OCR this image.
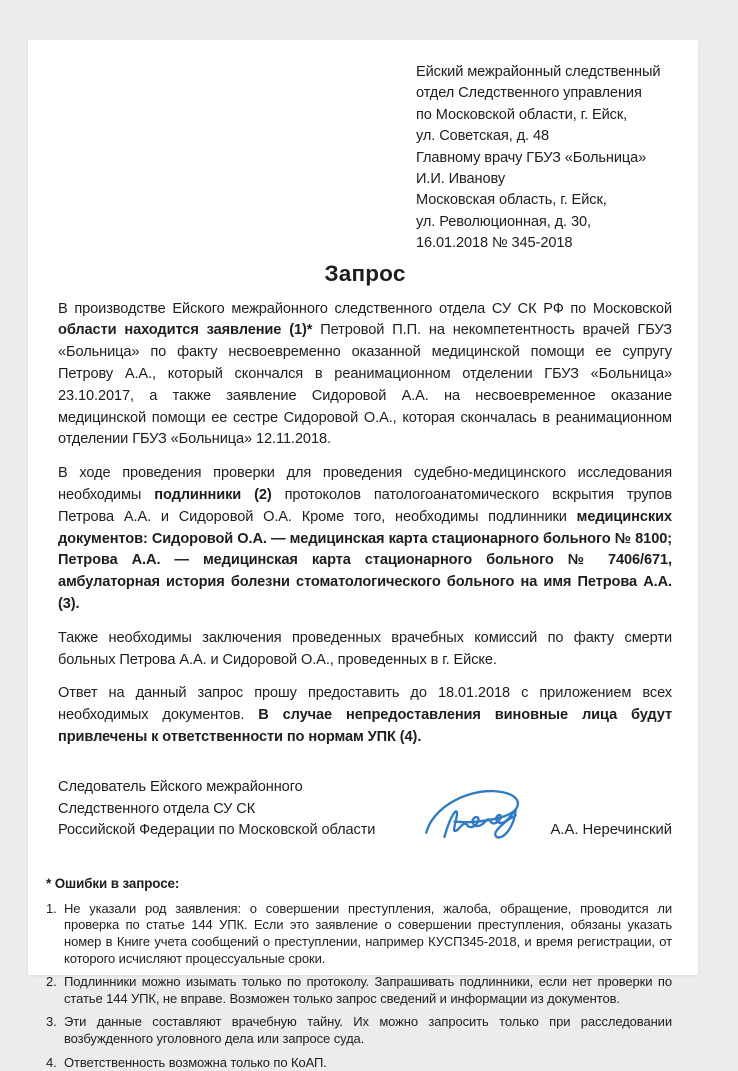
Ейский межрайонный следственный
отдел Следственного управления
по Московской области, г. Ейск,
ул. Советская, д. 48
Главному врачу ГБУЗ «Больница»
И.И. Иванову
Московская область, г. Ейск,
ул. Революционная, д. 30,
16.01.2018 № 345-2018
Запрос

В производстве Ейского межрайонного следственного отдела СУ СК РФ по Московской области находится заявление (1)* Петровой П.П. на некомпетентность врачей ГБУЗ «Больница» по факту несвоевременно оказанной медицинской помощи ее супругу Петрову А.А., который скончался в реанимационном отделении ГБУЗ «Больница» 23.10.2017, а также заявление Сидоровой А.А. на несвоевременное оказание медицинской помощи ее сестре Сидоровой О.А., которая скончалась в реанимационном отделении ГБУЗ «Больница» 12.11.2018.

В ходе проведения проверки для проведения судебно-медицинского исследования необходимы подлинники (2) протоколов патологоанатомического вскрытия трупов Петрова А.А. и Сидоровой О.А. Кроме того, необходимы подлинники медицинских документов: Сидоровой О.А. — медицинская карта стационарного больного № 8100; Петрова А.А. — медицинская карта стационарного больного № 7406/671, амбулаторная история болезни стоматологического больного на имя Петрова А.А. (3).

Также необходимы заключения проведенных врачебных комиссий по факту смерти больных Петрова А.А. и Сидоровой О.А., проведенных в г. Ейске.

Ответ на данный запрос прошу предоставить до 18.01.2018 с приложением всех необходимых документов. В случае непредоставления виновные лица будут привлечены к ответственности по нормам УПК (4).

Следователь Ейского межрайонного
Следственного отдела СУ СК
Российской Федерации по Московской области	А.А. Неречинский
* Ошибки в запросе:
1. Не указали род заявления: о совершении преступления, жалоба, обращение, проводится ли проверка по статье 144 УПК. Если это заявление о совершении преступления, обязаны указать номер в Книге учета сообщений о преступлении, например КУСП345-2018, и время регистрации, от которого исчисляют процессуальные сроки.
2. Подлинники можно изымать только по протоколу. Запрашивать подлинники, если нет проверки по статье 144 УПК, не вправе. Возможен только запрос сведений и информации из документов.
3. Эти данные составляют врачебную тайну. Их можно запросить только при расследовании возбужденного уголовного дела или запросе суда.
4. Ответственность возможна только по КоАП.
